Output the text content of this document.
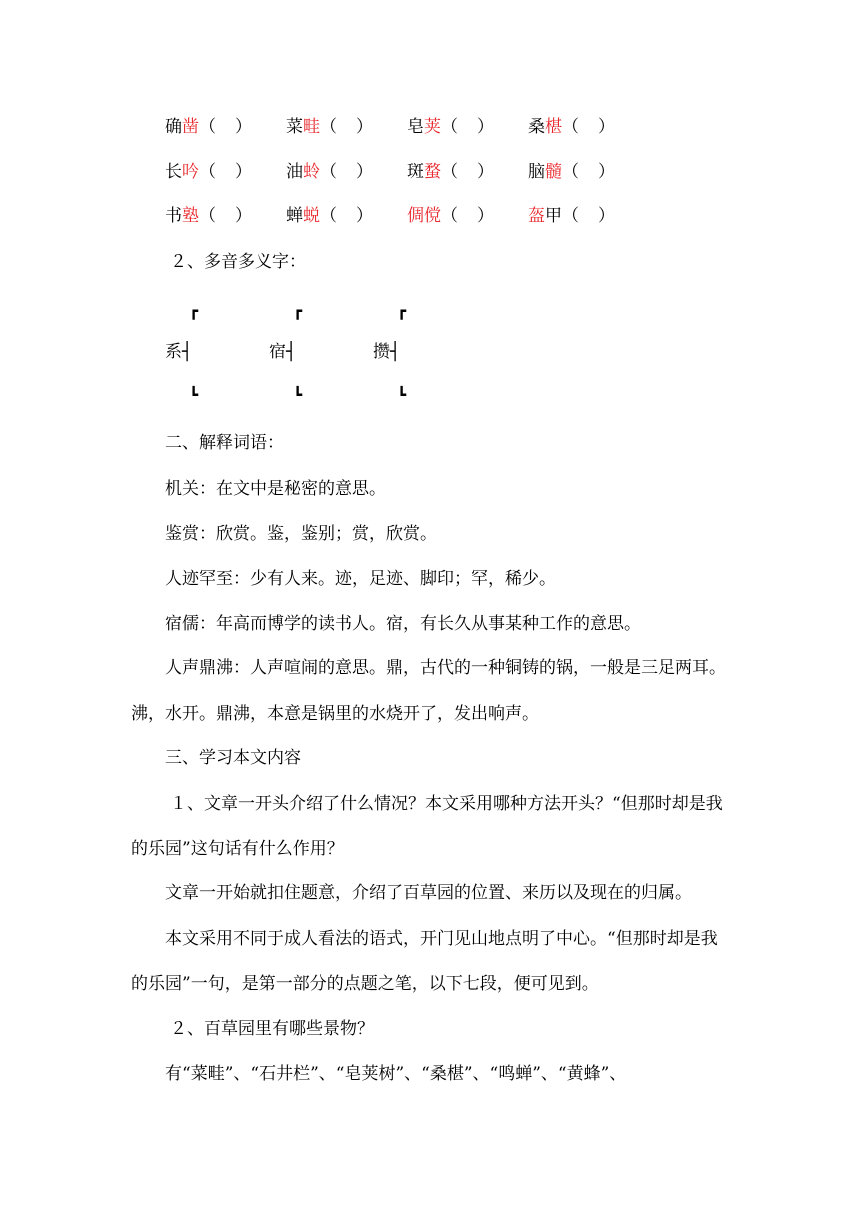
确凿（　） 菜畦（　） 皂荚（　） 桑椹（　）
长吟（　） 油蛉（　） 斑蝥（　） 脑髓（　）
书塾（　） 蝉蜕（　） 倜傥（　） 盔甲（　）
２、多音多义字：
┏	┏	┏
系┤	宿┤	攒┤
┗	┗	┗
二、解释词语：
机关：在文中是秘密的意思。
鉴赏：欣赏。鉴，鉴别；赏，欣赏。
人迹罕至：少有人来。迹，足迹、脚印；罕，稀少。
宿儒：年高而博学的读书人。宿，有长久从事某种工作的意思。
人声鼎沸：人声喧闹的意思。鼎，古代的一种铜铸的锅，一般是三足两耳。
沸，水开。鼎沸，本意是锅里的水烧开了，发出响声。
三、学习本文内容
１、文章一开头介绍了什么情况？本文采用哪种方法开头？“但那时却是我
的乐园”这句话有什么作用？
文章一开始就扣住题意，介绍了百草园的位置、来历以及现在的归属。
本文采用不同于成人看法的语式，开门见山地点明了中心。“但那时却是我
的乐园”一句，是第一部分的点题之笔，以下七段，便可见到。
２、百草园里有哪些景物？
有“菜畦”、“石井栏”、“皂荚树”、“桑椹”、“鸣蝉”、“黄蜂”、
